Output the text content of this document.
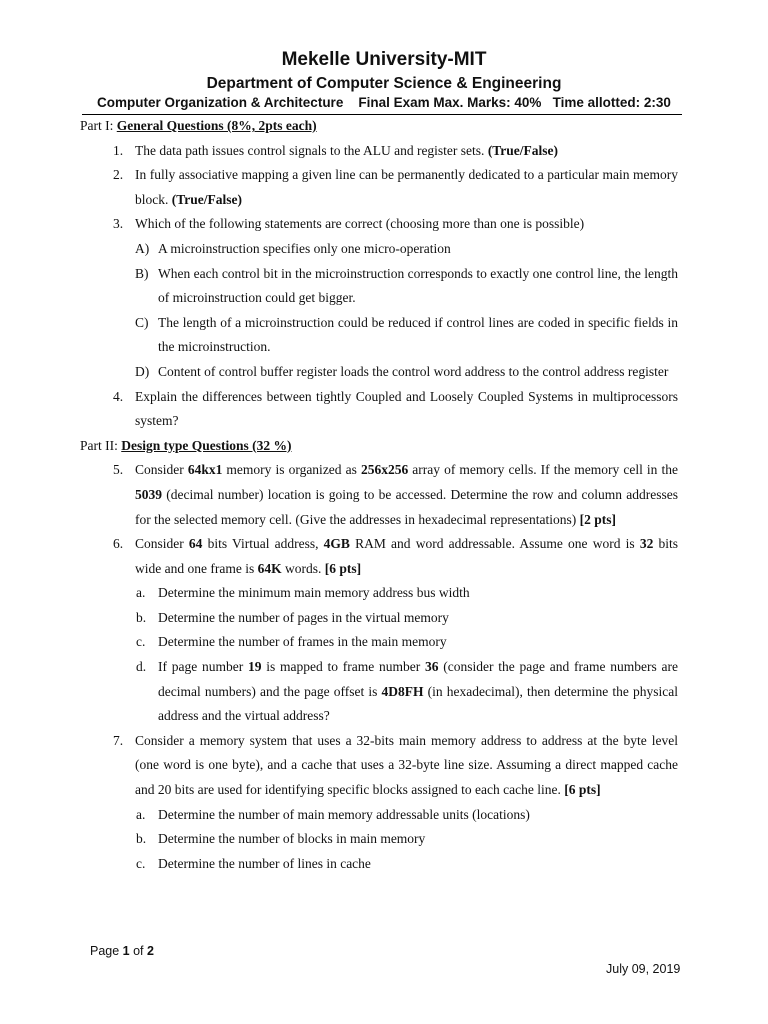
Mekelle University-MIT
Department of Computer Science & Engineering
Computer Organization & Architecture    Final Exam Max. Marks: 40%   Time allotted: 2:30
Part I: General Questions (8%, 2pts each)
1. The data path issues control signals to the ALU and register sets. (True/False)
2. In fully associative mapping a given line can be permanently dedicated to a particular main memory block. (True/False)
3. Which of the following statements are correct (choosing more than one is possible)
A) A microinstruction specifies only one micro-operation
B) When each control bit in the microinstruction corresponds to exactly one control line, the length of microinstruction could get bigger.
C) The length of a microinstruction could be reduced if control lines are coded in specific fields in the microinstruction.
D) Content of control buffer register loads the control word address to the control address register
4. Explain the differences between tightly Coupled and Loosely Coupled Systems in multiprocessors system?
Part II: Design type Questions (32 %)
5. Consider 64kx1 memory is organized as 256x256 array of memory cells. If the memory cell in the 5039 (decimal number) location is going to be accessed. Determine the row and column addresses for the selected memory cell. (Give the addresses in hexadecimal representations) [2 pts]
6. Consider 64 bits Virtual address, 4GB RAM and word addressable. Assume one word is 32 bits wide and one frame is 64K words. [6 pts]
a. Determine the minimum main memory address bus width
b. Determine the number of pages in the virtual memory
c. Determine the number of frames in the main memory
d. If page number 19 is mapped to frame number 36 (consider the page and frame numbers are decimal numbers) and the page offset is 4D8FH (in hexadecimal), then determine the physical address and the virtual address?
7. Consider a memory system that uses a 32-bits main memory address to address at the byte level (one word is one byte), and a cache that uses a 32-byte line size. Assuming a direct mapped cache and 20 bits are used for identifying specific blocks assigned to each cache line. [6 pts]
a. Determine the number of main memory addressable units (locations)
b. Determine the number of blocks in main memory
c. Determine the number of lines in cache
Page 1 of 2
July 09, 2019
